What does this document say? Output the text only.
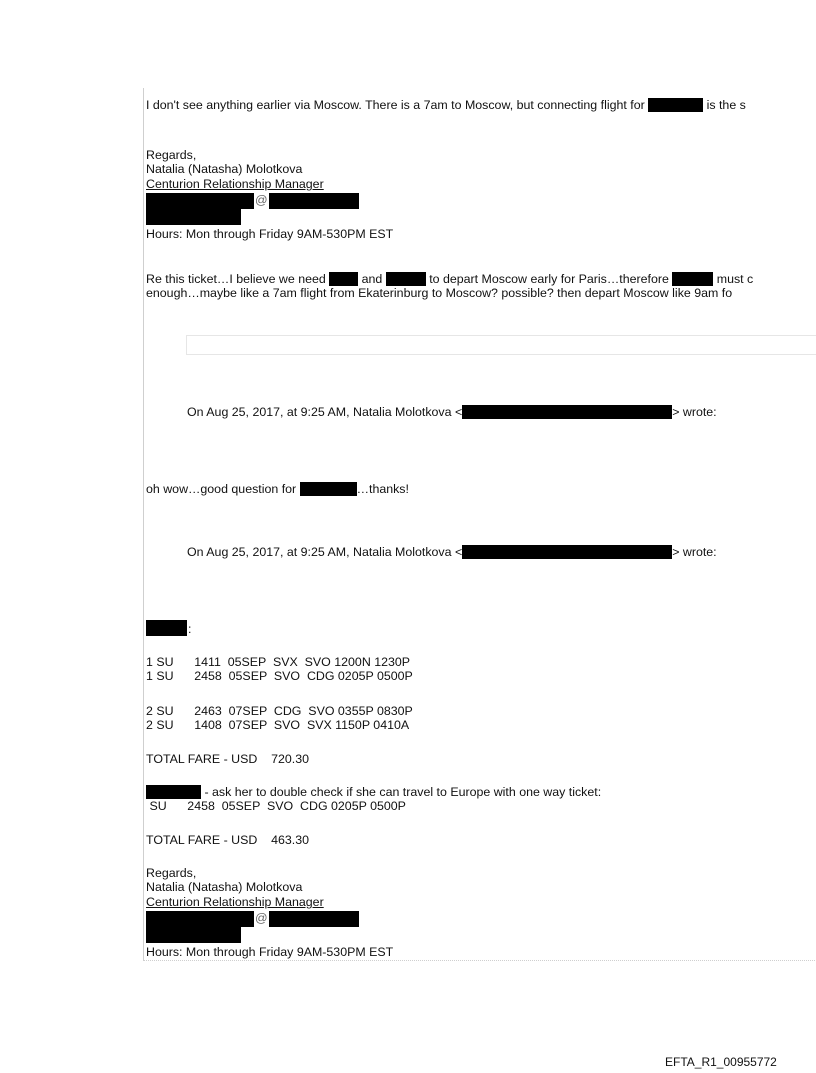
I don't see anything earlier via Moscow. There is a 7am to Moscow, but connecting flight for	is the s
Regards,
Natalia (Natasha) Molotkova
Centurion Relationship Manager
@
Hours: Mon through Friday 9AM-530PM EST
Re this ticket…I believe we need  and	to depart Moscow early for Paris…therefore	must c
enough…maybe like a 7am flight from Ekaterinburg to Moscow? possible? then depart Moscow like 9am fo
On Aug 25, 2017, at 9:25 AM, Natalia Molotkova <	> wrote:
oh wow…good question for	…thanks!
On Aug 25, 2017, at 9:25 AM, Natalia Molotkova <	> wrote:
:
1 SU      1411  05SEP  SVX  SVO 1200N 1230P
1 SU      2458  05SEP  SVO  CDG 0205P 0500P
2 SU      2463  07SEP  CDG  SVO 0355P 0830P
2 SU      1408  07SEP  SVO  SVX 1150P 0410A
TOTAL FARE - USD    720.30
- ask her to double check if she can travel to Europe with one way ticket:
SU      2458  05SEP  SVO  CDG 0205P 0500P
TOTAL FARE - USD    463.30
Regards,
Natalia (Natasha) Molotkova
Centurion Relationship Manager
@
Hours: Mon through Friday 9AM-530PM EST
EFTA_R1_00955772
